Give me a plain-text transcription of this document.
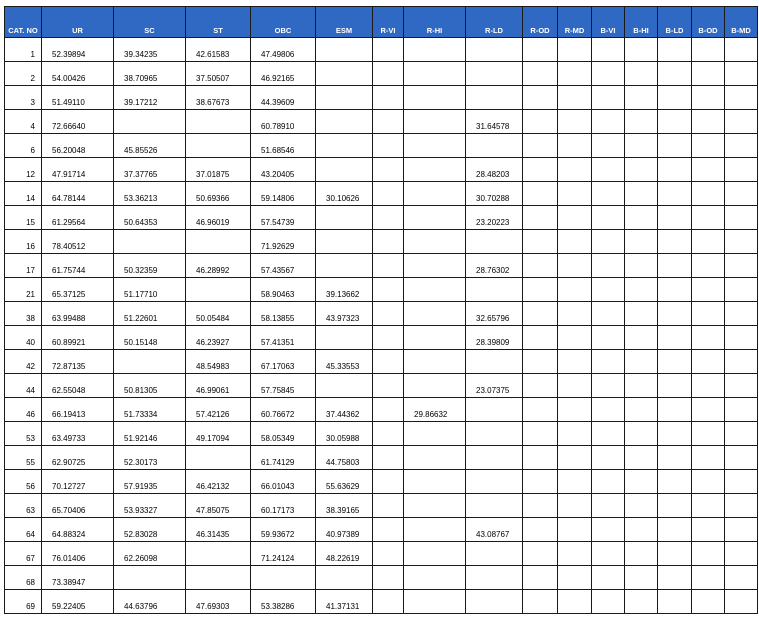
CAT. NO	UR	SC	ST	OBC	ESM	R-VI	R-HI	R-LD	R-OD	R-MD	B-VI	B-HI	B-LD	B-OD	B-MD
1	52.39894	39.34235	42.61583	47.49806											
2	54.00426	38.70965	37.50507	46.92165											
3	51.49110	39.17212	38.67673	44.39609											
4	72.66640			60.78910				31.64578							
6	56.20048	45.85526		51.68546											
12	47.91714	37.37765	37.01875	43.20405				28.48203							
14	64.78144	53.36213	50.69366	59.14806	30.10626			30.70288							
15	61.29564	50.64353	46.96019	57.54739				23.20223							
16	78.40512			71.92629											
17	61.75744	50.32359	46.28992	57.43567				28.76302							
21	65.37125	51.17710		58.90463	39.13662										
38	63.99488	51.22601	50.05484	58.13855	43.97323			32.65796							
40	60.89921	50.15148	46.23927	57.41351				28.39809							
42	72.87135		48.54983	67.17063	45.33553										
44	62.55048	50.81305	46.99061	57.75845				23.07375							
46	66.19413	51.73334	57.42126	60.76672	37.44362		29.86632								
53	63.49733	51.92146	49.17094	58.05349	30.05988										
55	62.90725	52.30173		61.74129	44.75803										
56	70.12727	57.91935	46.42132	66.01043	55.63629										
63	65.70406	53.93327	47.85075	60.17173	38.39165										
64	64.88324	52.83028	46.31435	59.93672	40.97389			43.08767							
67	76.01406	62.26098		71.24124	48.22619										
68	73.38947														
69	59.22405	44.63796	47.69303	53.38286	41.37131										
